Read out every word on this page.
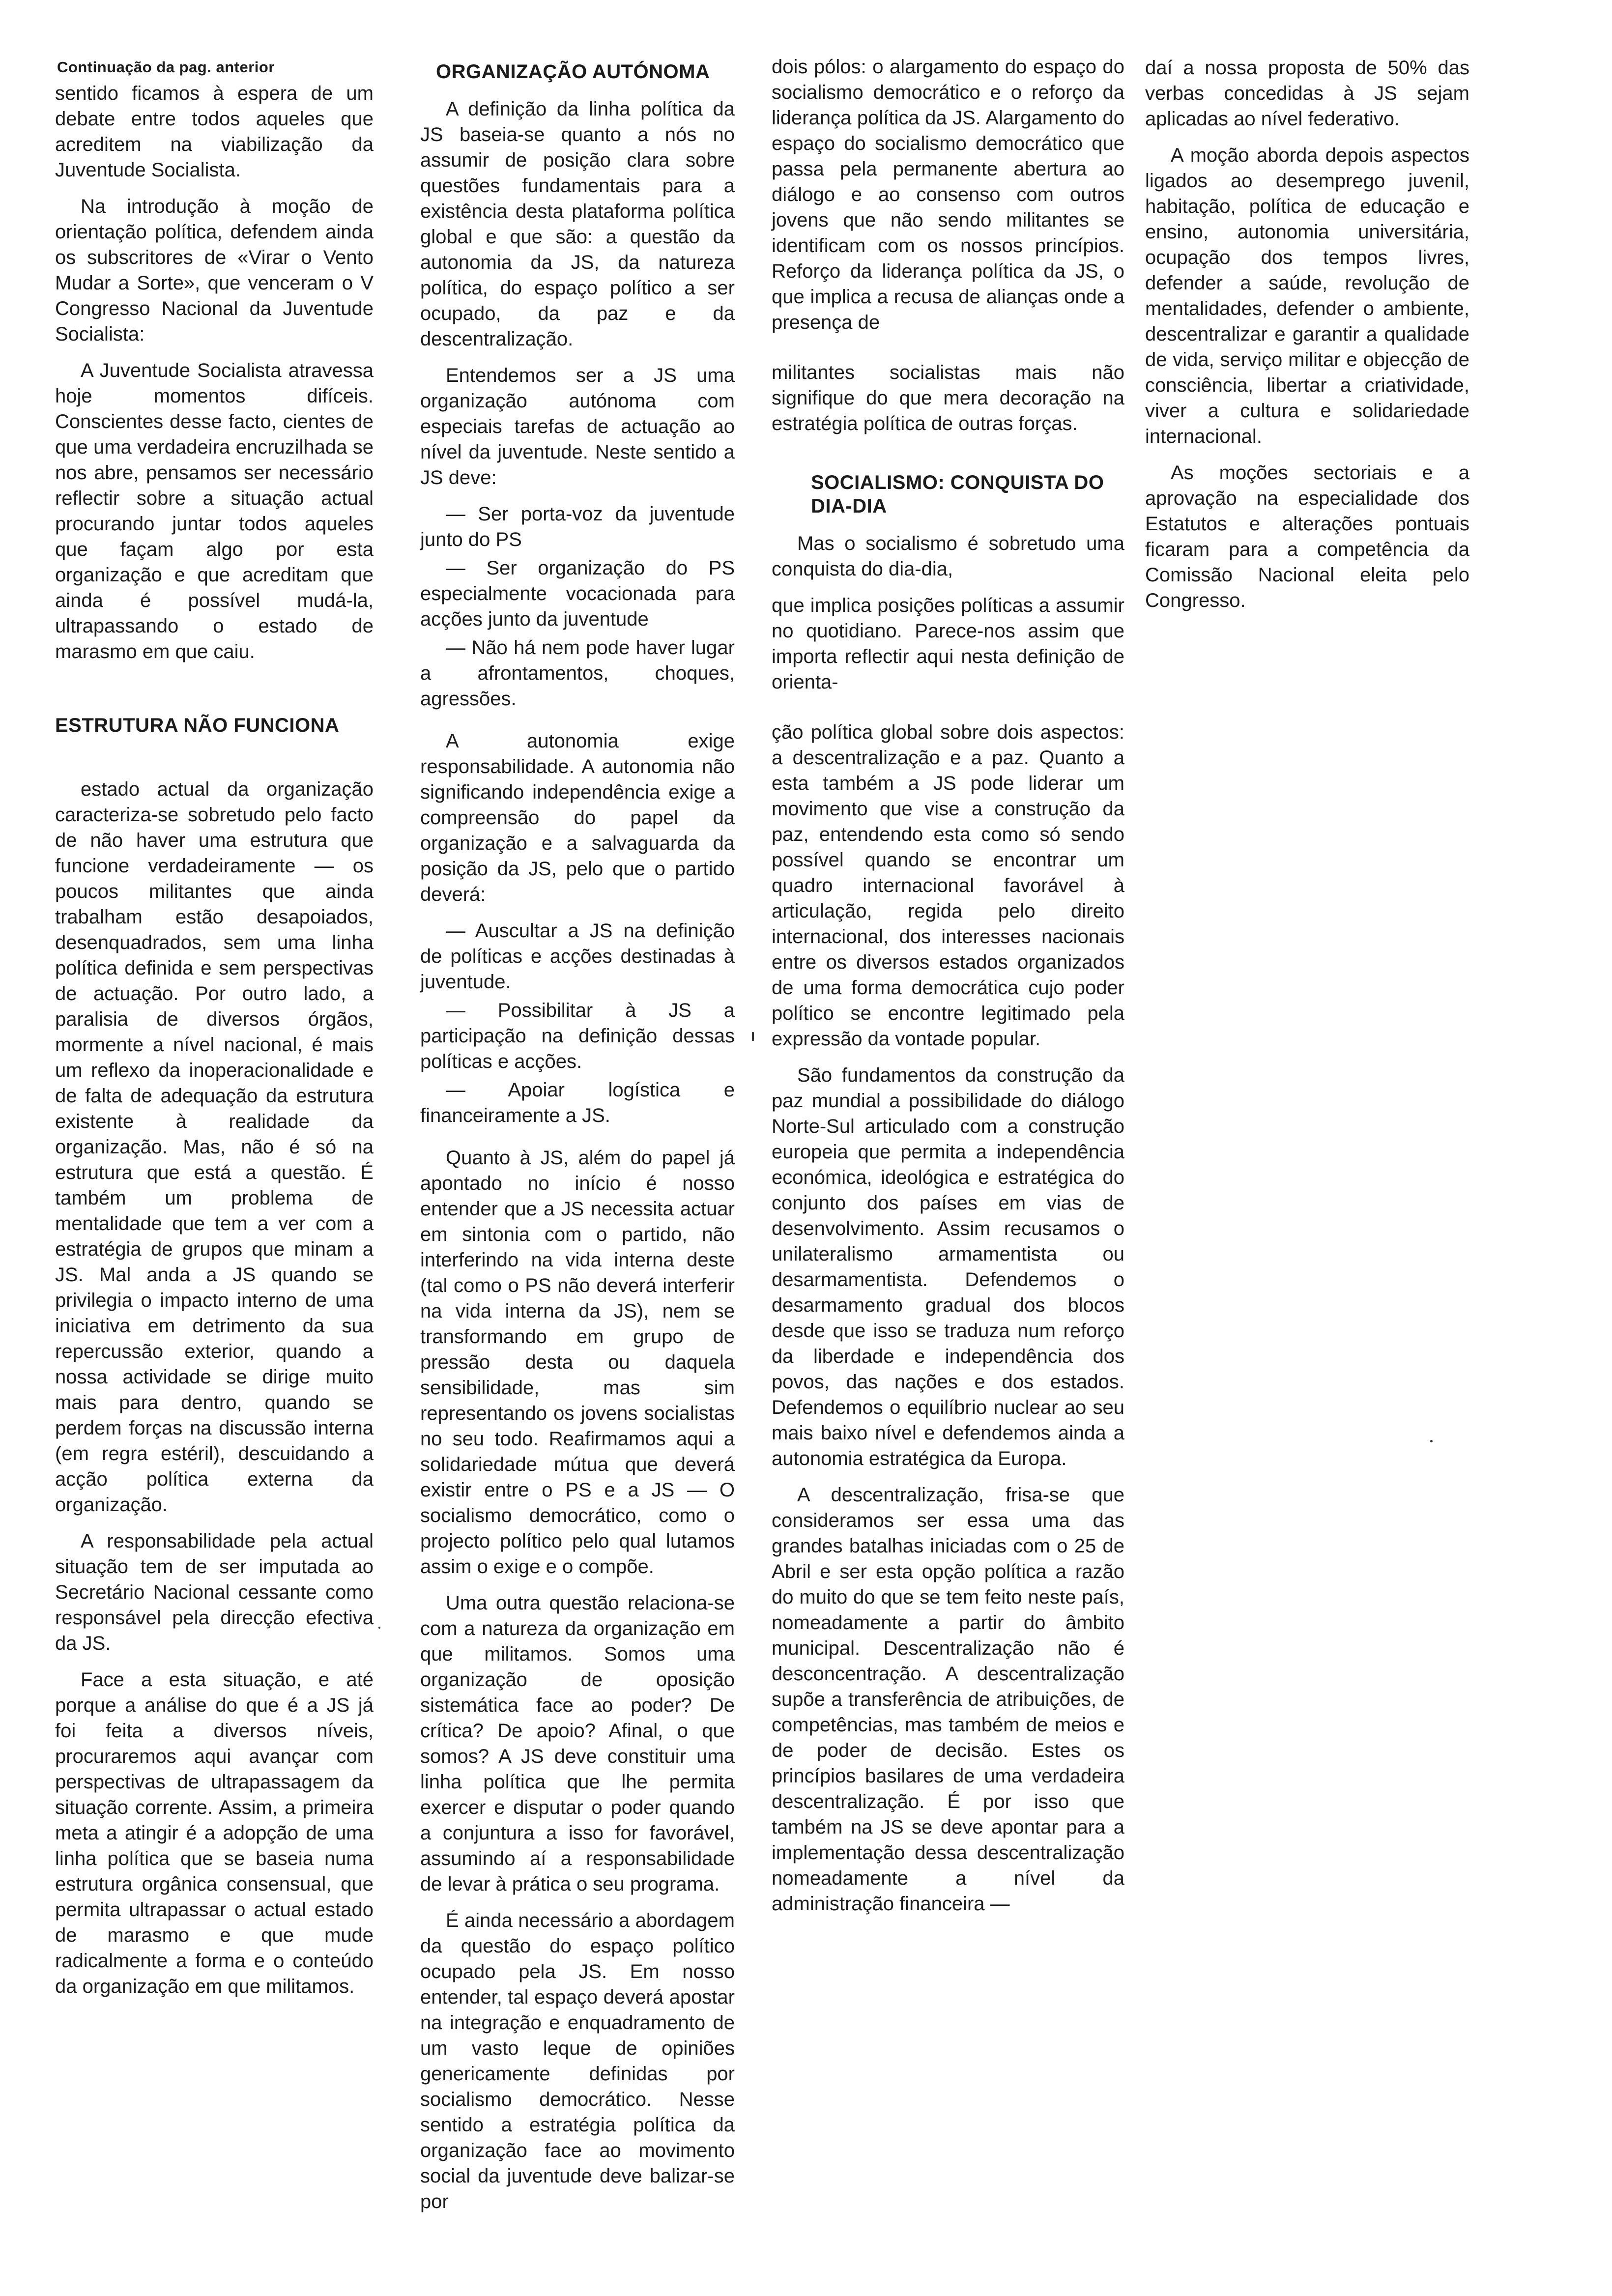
Continuação da pag. anterior

sentido ficamos à espera de um debate entre todos aqueles que acreditem na viabilização da Juventude Socialista.

Na introdução à moção de orientação política, defendem ainda os subscritores de «Virar o Vento Mudar a Sorte», que venceram o V Congresso Nacional da Juventude Socialista:

A Juventude Socialista atravessa hoje momentos difíceis. Conscientes desse facto, cientes de que uma verdadeira encruzilhada se nos abre, pensamos ser necessário reflectir sobre a situação actual procurando juntar todos aqueles que façam algo por esta organização e que acreditam que ainda é possível mudá-la, ultrapassando o estado de marasmo em que caiu.

ESTRUTURA NÃO FUNCIONA

estado actual da organização caracteriza-se sobretudo pelo facto de não haver uma estrutura que funcione verdadeiramente — os poucos militantes que ainda trabalham estão desapoiados, desenquadrados, sem uma linha política definida e sem perspectivas de actuação. Por outro lado, a paralisia de diversos órgãos, mormente a nível nacional, é mais um reflexo da inoperacionalidade e de falta de adequação da estrutura existente à realidade da organização. Mas, não é só na estrutura que está a questão. É também um problema de mentalidade que tem a ver com a estratégia de grupos que minam a JS. Mal anda a JS quando se privilegia o impacto interno de uma iniciativa em detrimento da sua repercussão exterior, quando a nossa actividade se dirige muito mais para dentro, quando se perdem forças na discussão interna (em regra estéril), descuidando a acção política externa da organização.

A responsabilidade pela actual situação tem de ser imputada ao Secretário Nacional cessante como responsável pela direcção efectiva da JS.

Face a esta situação, e até porque a análise do que é a JS já foi feita a diversos níveis, procuraremos aqui avançar com perspectivas de ultrapassagem da situação corrente. Assim, a primeira meta a atingir é a adopção de uma linha política que se baseia numa estrutura orgânica consensual, que permita ultrapassar o actual estado de marasmo e que mude radicalmente a forma e o conteúdo da organização em que militamos.

ORGANIZAÇÃO AUTÓNOMA

A definição da linha política da JS baseia-se quanto a nós no assumir de posição clara sobre questões fundamentais para a existência desta plataforma política global e que são: a questão da autonomia da JS, da natureza política, do espaço político a ser ocupado, da paz e da descentralização.

Entendemos ser a JS uma organização autónoma com especiais tarefas de actuação ao nível da juventude. Neste sentido a JS deve:

— Ser porta-voz da juventude junto do PS

— Ser organização do PS especialmente vocacionada para acções junto da juventude

— Não há nem pode haver lugar a afrontamentos, choques, agressões.

A autonomia exige responsabilidade. A autonomia não significando independência exige a compreensão do papel da organização e a salvaguarda da posição da JS, pelo que o partido deverá:

— Auscultar a JS na definição de políticas e acções destinadas à juventude.

— Possibilitar à JS a participação na definição dessas políticas e acções.

— Apoiar logística e financeiramente a JS.

Quanto à JS, além do papel já apontado no início é nosso entender que a JS necessita actuar em sintonia com o partido, não interferindo na vida interna deste (tal como o PS não deverá interferir na vida interna da JS), nem se transformando em grupo de pressão desta ou daquela sensibilidade, mas sim representando os jovens socialistas no seu todo. Reafirmamos aqui a solidariedade mútua que deverá existir entre o PS e a JS — O socialismo democrático, como o projecto político pelo qual lutamos assim o exige e o compõe.

Uma outra questão relaciona-se com a natureza da organização em que militamos. Somos uma organização de oposição sistemática face ao poder? De crítica? De apoio? Afinal, o que somos? A JS deve constituir uma linha política que lhe permita exercer e disputar o poder quando a conjuntura a isso for favorável, assumindo aí a responsabilidade de levar à prática o seu programa.

É ainda necessário a abordagem da questão do espaço político ocupado pela JS. Em nosso entender, tal espaço deverá apostar na integração e enquadramento de um vasto leque de opiniões genericamente definidas por socialismo democrático. Nesse sentido a estratégia política da organização face ao movimento social da juventude deve balizar-se por

dois pólos: o alargamento do espaço do socialismo democrático e o reforço da liderança política da JS. Alargamento do espaço do socialismo democrático que passa pela permanente abertura ao diálogo e ao consenso com outros jovens que não sendo militantes se identificam com os nossos princípios. Reforço da liderança política da JS, o que implica a recusa de alianças onde a presença de

militantes socialistas mais não signifique do que mera decoração na estratégia política de outras forças.

SOCIALISMO: CONQUISTA DO DIA-DIA

Mas o socialismo é sobretudo uma conquista do dia-dia,

que implica posições políticas a assumir no quotidiano. Parece-nos assim que importa reflectir aqui nesta definição de orienta-

ção política global sobre dois aspectos: a descentralização e a paz. Quanto a esta também a JS pode liderar um movimento que vise a construção da paz, entendendo esta como só sendo possível quando se encontrar um quadro internacional favorável à articulação, regida pelo direito internacional, dos interesses nacionais entre os diversos estados organizados de uma forma democrática cujo poder político se encontre legitimado pela expressão da vontade popular.

São fundamentos da construção da paz mundial a possibilidade do diálogo Norte-Sul articulado com a construção europeia que permita a independência económica, ideológica e estratégica do conjunto dos países em vias de desenvolvimento. Assim recusamos o unilateralismo armamentista ou desarmamentista. Defendemos o desarmamento gradual dos blocos desde que isso se traduza num reforço da liberdade e independência dos povos, das nações e dos estados. Defendemos o equilíbrio nuclear ao seu mais baixo nível e defendemos ainda a autonomia estratégica da Europa.

A descentralização, frisa-se que consideramos ser essa uma das grandes batalhas iniciadas com o 25 de Abril e ser esta opção política a razão do muito do que se tem feito neste país, nomeadamente a partir do âmbito municipal. Descentralização não é desconcentração. A descentralização supõe a transferência de atribuições, de competências, mas também de meios e de poder de decisão. Estes os princípios basilares de uma verdadeira descentralização. É por isso que também na JS se deve apontar para a implementação dessa descentralização nomeadamente a nível da administração financeira —

daí a nossa proposta de 50% das verbas concedidas à JS sejam aplicadas ao nível federativo.

A moção aborda depois aspectos ligados ao desemprego juvenil, habitação, política de educação e ensino, autonomia universitária, ocupação dos tempos livres, defender a saúde, revolução de mentalidades, defender o ambiente, descentralizar e garantir a qualidade de vida, serviço militar e objecção de consciência, libertar a criatividade, viver a cultura e solidariedade internacional.

As moções sectoriais e a aprovação na especialidade dos Estatutos e alterações pontuais ficaram para a competência da Comissão Nacional eleita pelo Congresso.
